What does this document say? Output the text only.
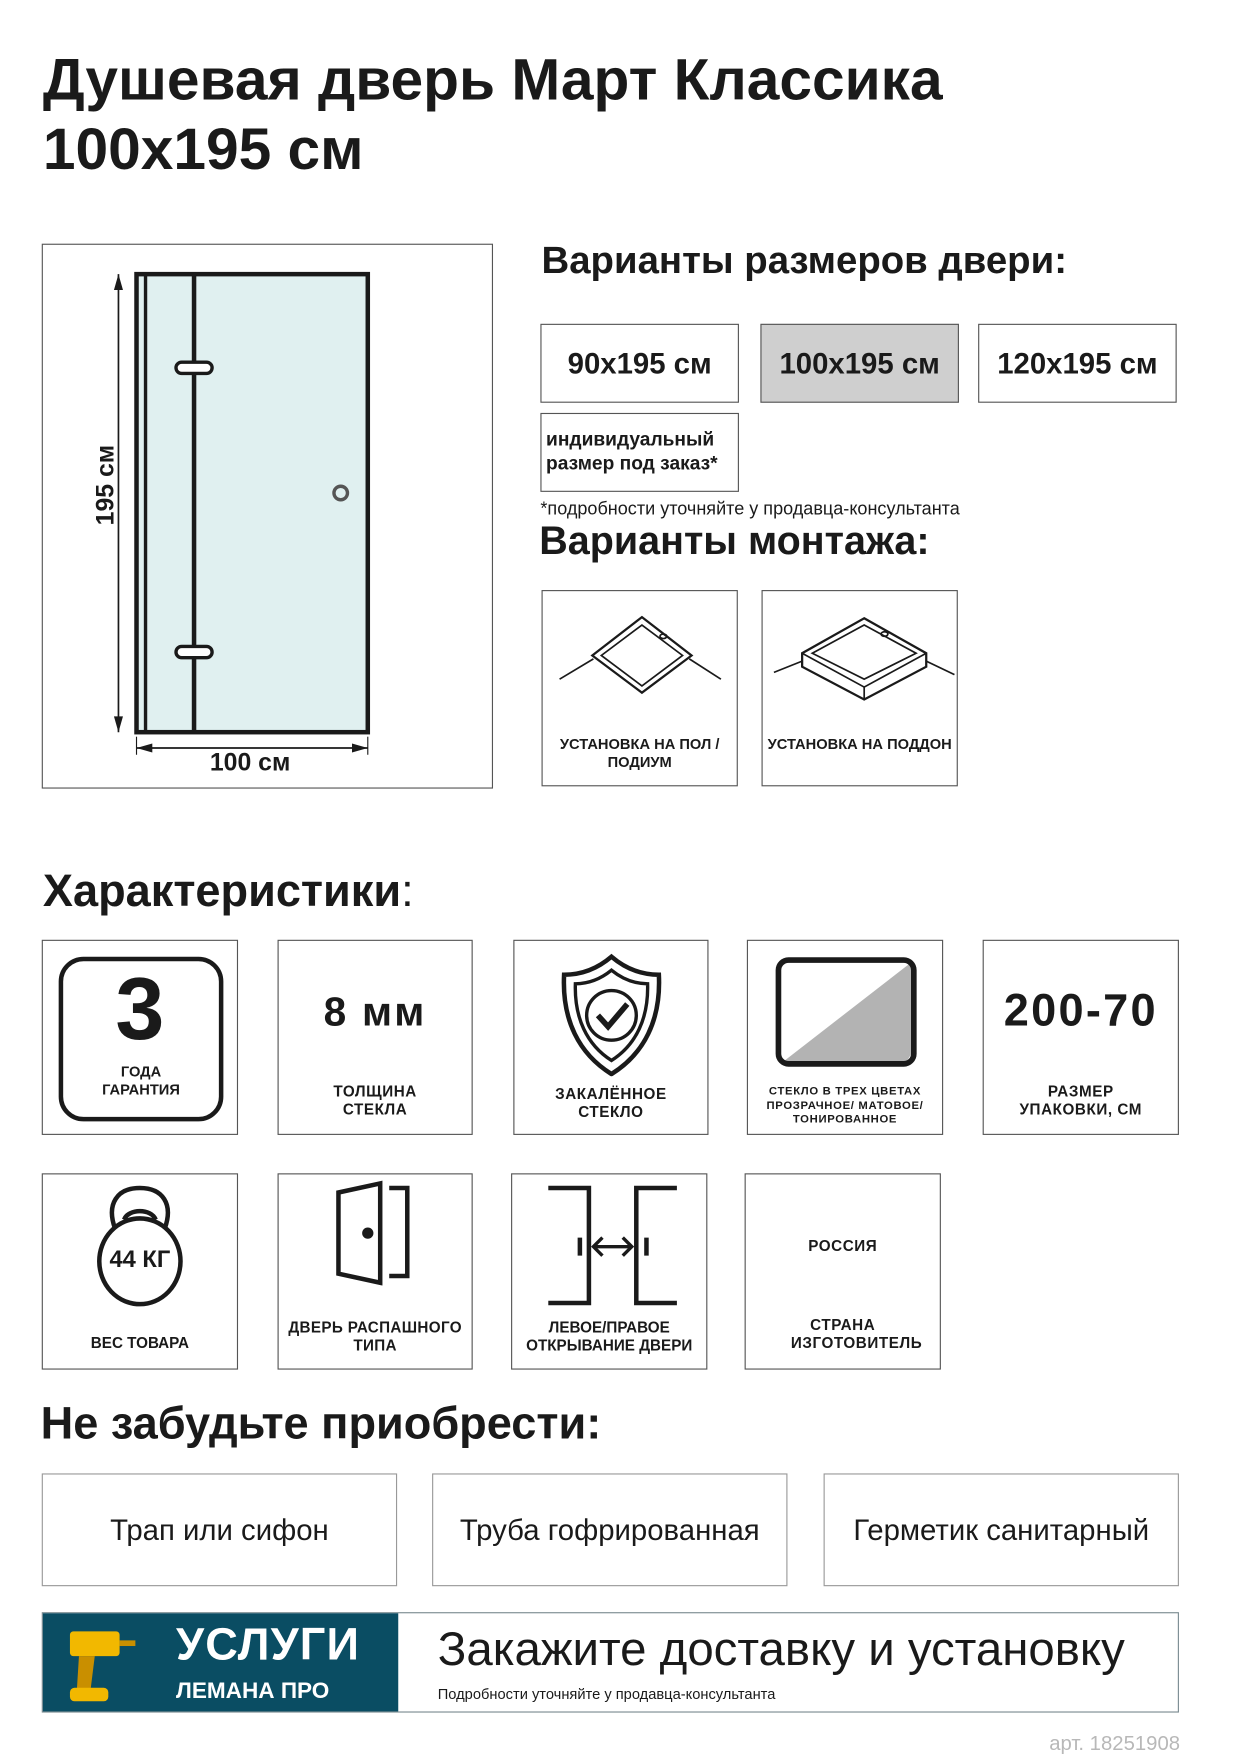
Душевая дверь Март Классика
100х195 см
195 см
100 см
Варианты размеров двери:
90х195 см	100х195 см	120х195 см
индивидуальный размер под заказ*
*подробности уточняйте у продавца-консультанта
Варианты монтажа:
УСТАНОВКА НА ПОЛ / ПОДИУМ
УСТАНОВКА НА ПОДДОН
Характеристики:
3
ГОДА ГАРАНТИЯ
8 мм
ТОЛЩИНА СТЕКЛА
ЗАКАЛЁННОЕ СТЕКЛО
СТЕКЛО В ТРЕХ ЦВЕТАХ ПРОЗРАЧНОЕ/ МАТОВОЕ/ТОНИРОВАННОЕ
200-70
РАЗМЕР УПАКОВКИ, СМ
44 КГ
ВЕС ТОВАРА
ДВЕРЬ РАСПАШНОГО ТИПА
ЛЕВОЕ/ПРАВОЕ ОТКРЫВАНИЕ ДВЕРИ
РОССИЯ
СТРАНА ИЗГОТОВИТЕЛЬ
Не забудьте приобрести:
Трап или сифон	Труба гофрированная	Герметик санитарный
УСЛУГИ
ЛЕМАНА ПРО
Закажите доставку и установку
Подробности уточняйте у продавца-консультанта
арт. 18251908
